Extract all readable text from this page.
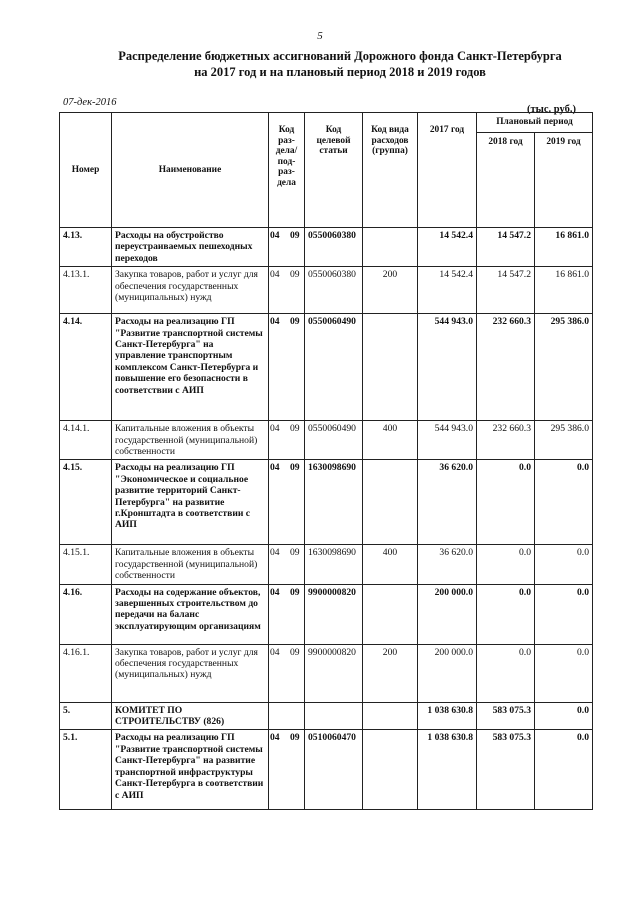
5
Распределение бюджетных ассигнований Дорожного фонда Санкт-Петербурга
на 2017 год и на плановый период 2018 и 2019 годов
07-дек-2016
(тыс. руб.)
Номер	Наименование	Код раз-дела/ под-раз-дела	Код целевой статьи	Код вида расходов (группа)	2017 год	Плановый период	
						2018 год	2019 год
4.13.	Расходы на обустройство переустраиваемых пешеходных переходов	04 09	0550060380		14 542.4	14 547.2	16 861.0
4.13.1.	Закупка товаров, работ и услуг для обеспечения государственных (муниципальных) нужд	04 09	0550060380	200	14 542.4	14 547.2	16 861.0
4.14.	Расходы на реализацию ГП "Развитие транспортной системы Санкт-Петербурга" на управление транспортным комплексом Санкт-Петербурга и повышение его безопасности в соответствии с АИП	04 09	0550060490		544 943.0	232 660.3	295 386.0
4.14.1.	Капитальные вложения в объекты государственной (муниципальной) собственности	04 09	0550060490	400	544 943.0	232 660.3	295 386.0
4.15.	Расходы на реализацию ГП "Экономическое и социальное развитие территорий Санкт-Петербурга" на развитие г.Кронштадта в соответствии с АИП	04 09	1630098690		36 620.0	0.0	0.0
4.15.1.	Капитальные вложения в объекты государственной (муниципальной) собственности	04 09	1630098690	400	36 620.0	0.0	0.0
4.16.	Расходы на содержание объектов, завершенных строительством до передачи на баланс эксплуатирующим организациям	04 09	9900000820		200 000.0	0.0	0.0
4.16.1.	Закупка товаров, работ и услуг для обеспечения государственных (муниципальных) нужд	04 09	9900000820	200	200 000.0	0.0	0.0
5.	КОМИТЕТ ПО СТРОИТЕЛЬСТВУ (826)				1 038 630.8	583 075.3	0.0
5.1.	Расходы на реализацию ГП "Развитие транспортной системы Санкт-Петербурга" на развитие транспортной инфраструктуры Санкт-Петербурга в соответствии с АИП	04 09	0510060470		1 038 630.8	583 075.3	0.0
